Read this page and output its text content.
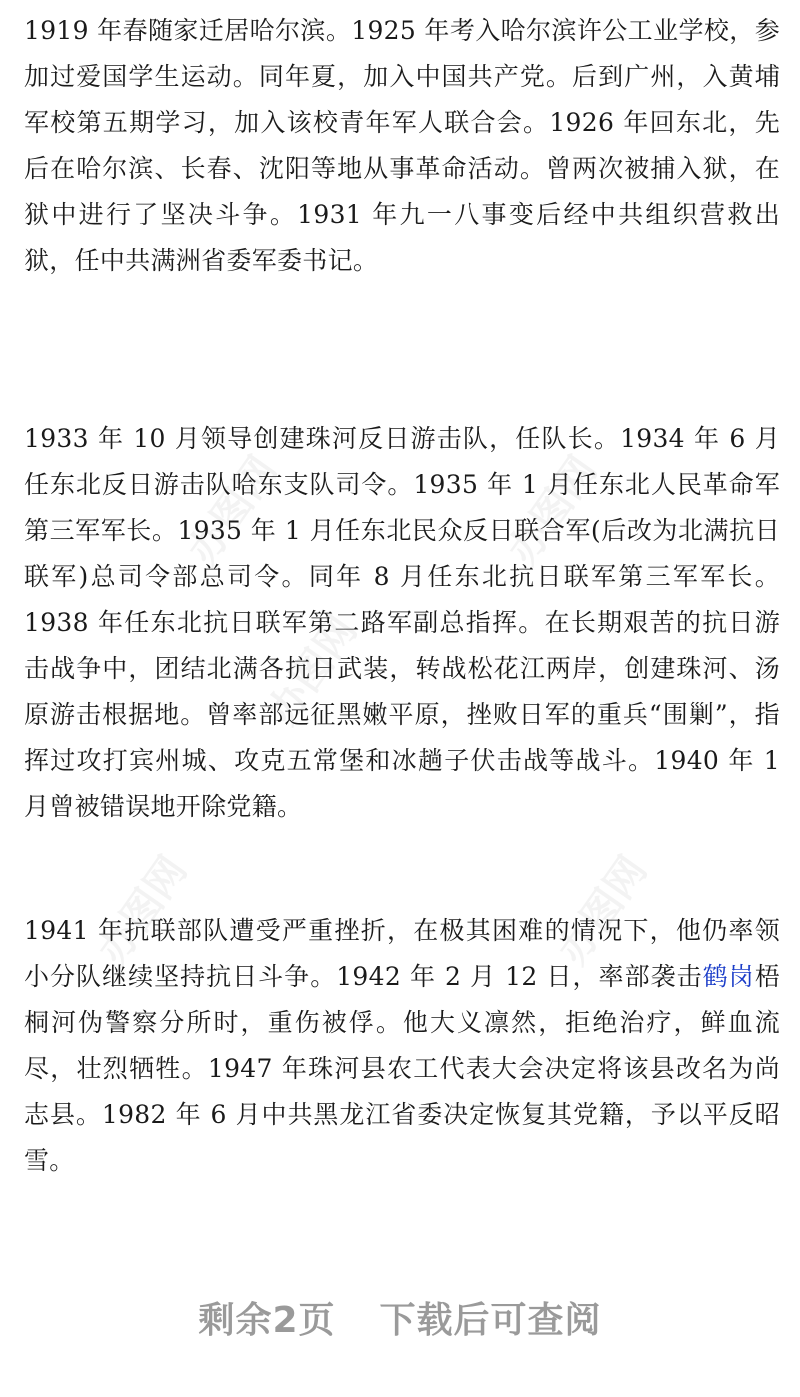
办图网	办图网
办图网
办图网	办图网

1919 年春随家迁居哈尔滨。1925 年考入哈尔滨许公工业学校，参加过爱国学生运动。同年夏，加入中国共产党。后到广州，入黄埔军校第五期学习，加入该校青年军人联合会。1926 年回东北，先后在哈尔滨、长春、沈阳等地从事革命活动。曾两次被捕入狱，在狱中进行了坚决斗争。1931 年九一八事变后经中共组织营救出狱，任中共满洲省委军委书记。

1933 年 10 月领导创建珠河反日游击队，任队长。1934 年 6 月任东北反日游击队哈东支队司令。1935 年 1 月任东北人民革命军第三军军长。1935 年 1 月任东北民众反日联合军(后改为北满抗日联军)总司令部总司令。同年 8 月任东北抗日联军第三军军长。1938 年任东北抗日联军第二路军副总指挥。在长期艰苦的抗日游击战争中，团结北满各抗日武装，转战松花江两岸，创建珠河、汤原游击根据地。曾率部远征黑嫩平原，挫败日军的重兵“围剿”，指挥过攻打宾州城、攻克五常堡和冰趟子伏击战等战斗。1940 年 1 月曾被错误地开除党籍。

1941 年抗联部队遭受严重挫折，在极其困难的情况下，他仍率领小分队继续坚持抗日斗争。1942 年 2 月 12 日，率部袭击鹤岗梧桐河伪警察分所时，重伤被俘。他大义凛然，拒绝治疗，鲜血流尽，壮烈牺牲。1947 年珠河县农工代表大会决定将该县改名为尚志县。1982 年 6 月中共黑龙江省委决定恢复其党籍，予以平反昭雪。

剩余2页 下载后可查阅
